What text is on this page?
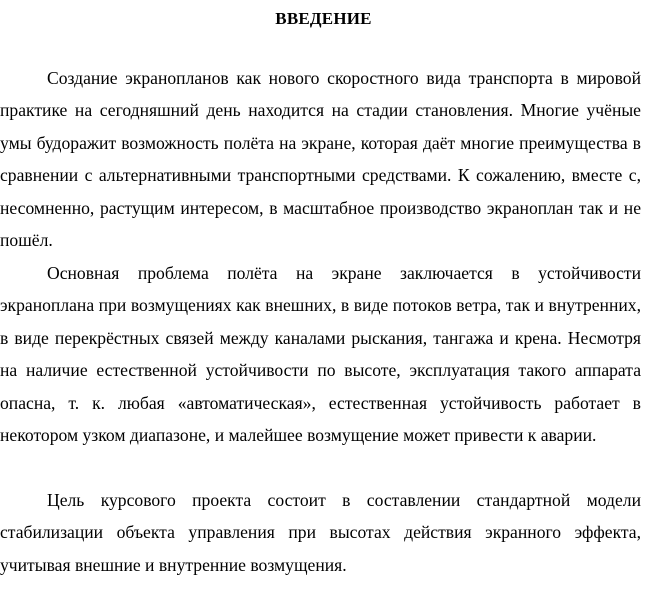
ВВЕДЕНИЕ

Создание экранопланов как нового скоростного вида транспорта в мировой практике на сегодняшний день находится на стадии становления. Многие учёные умы будоражит возможность полёта на экране, которая даёт многие преимущества в сравнении с альтернативными транспортными средствами. К сожалению, вместе с, несомненно, растущим интересом, в масштабное производство экраноплан так и не пошёл.

Основная проблема полёта на экране заключается в устойчивости экраноплана при возмущениях как внешних, в виде потоков ветра, так и внутренних, в виде перекрёстных связей между каналами рыскания, тангажа и крена. Несмотря на наличие естественной устойчивости по высоте, эксплуатация такого аппарата опасна, т. к. любая «автоматическая», естественная устойчивость работает в некотором узком диапазоне, и малейшее возмущение может привести к аварии.

Цель курсового проекта состоит в составлении стандартной модели стабилизации объекта управления при высотах действия экранного эффекта, учитывая внешние и внутренние возмущения.
